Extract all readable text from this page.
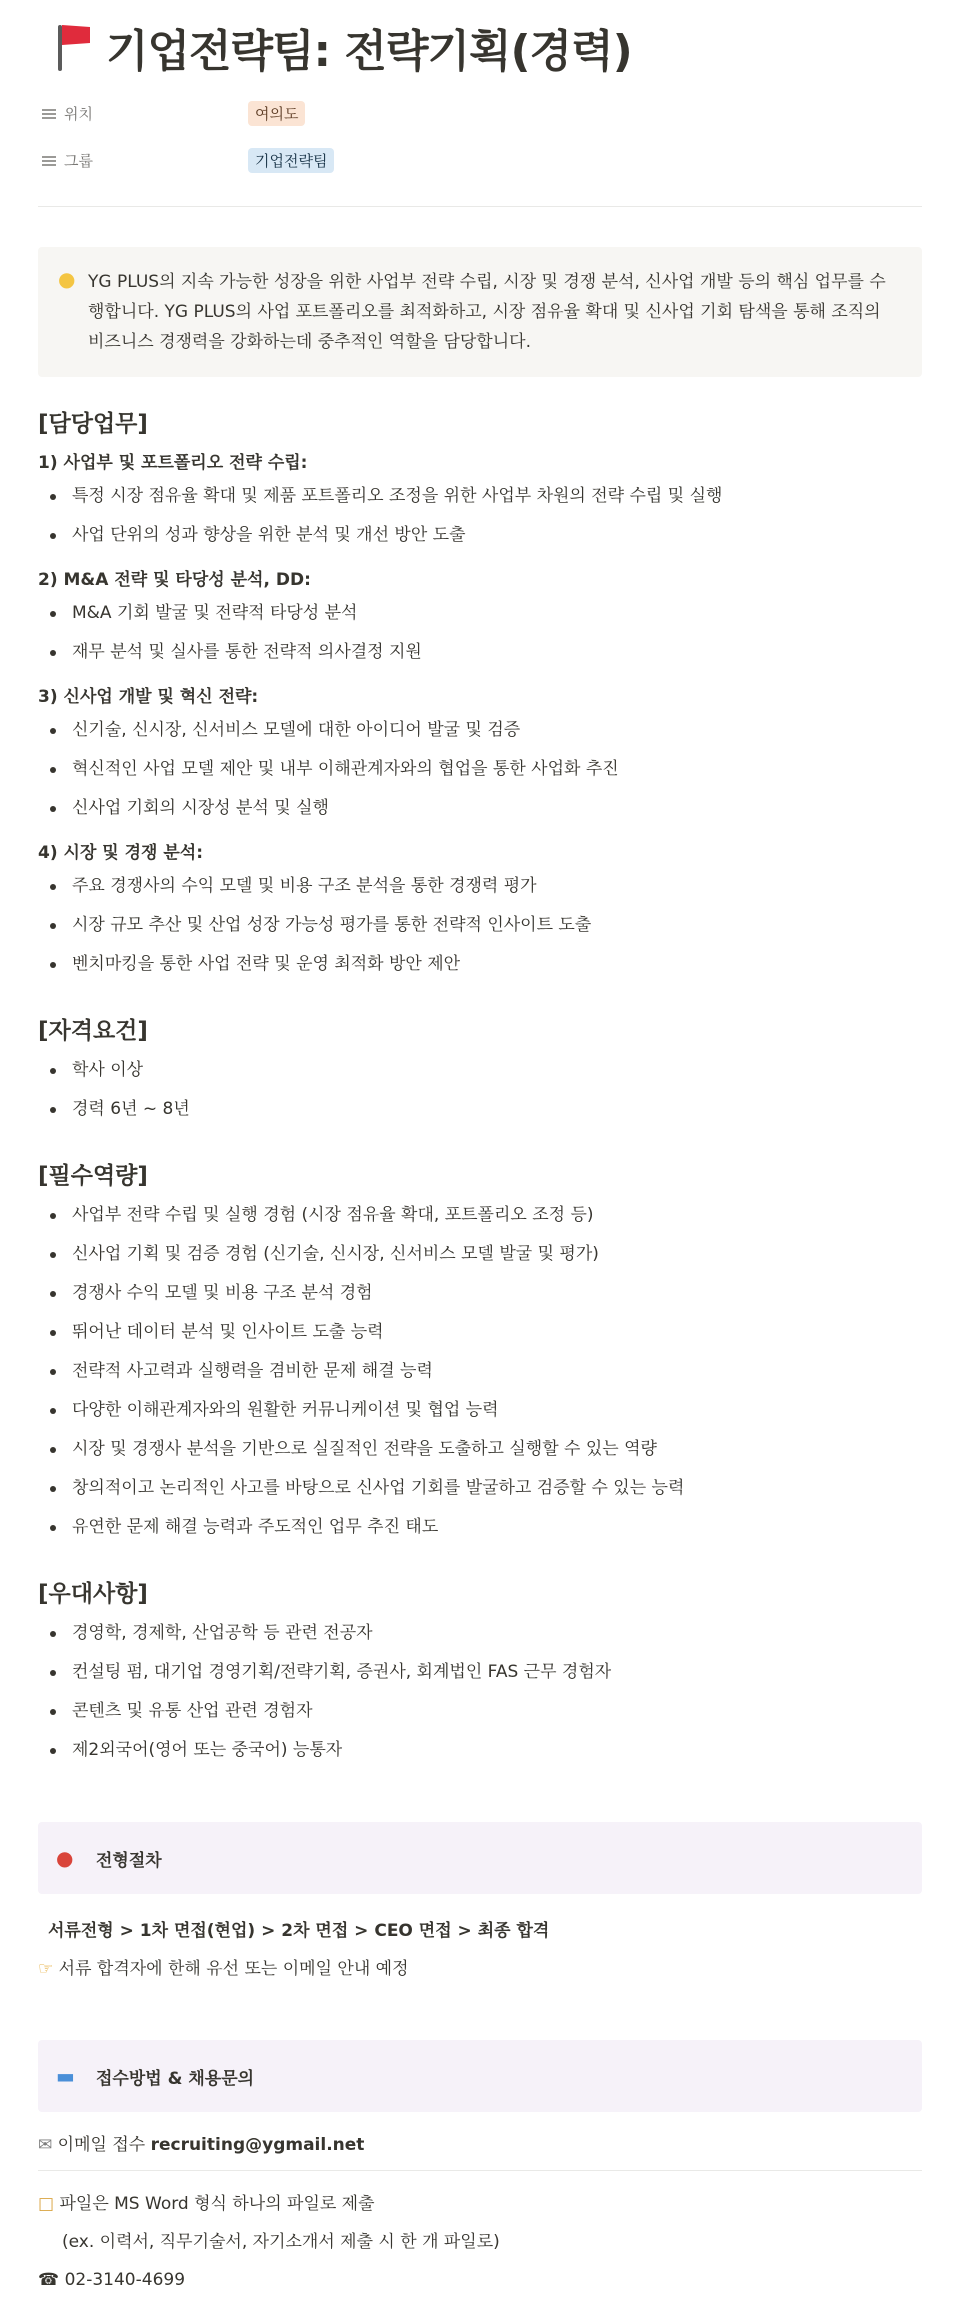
기업전략팀: 전략기획(경력)
위치	여의도
그룹	기업전략팀
● YG PLUS의 지속 가능한 성장을 위한 사업부 전략 수립, 시장 및 경쟁 분석, 신사업 개발 등의 핵심 업무를 수행합니다. YG PLUS의 사업 포트폴리오를 최적화하고, 시장 점유율 확대 및 신사업 기회 탐색을 통해 조직의 비즈니스 경쟁력을 강화하는데 중추적인 역할을 담당합니다.
[담당업무]
1) 사업부 및 포트폴리오 전략 수립:
특정 시장 점유율 확대 및 제품 포트폴리오 조정을 위한 사업부 차원의 전략 수립 및 실행
사업 단위의 성과 향상을 위한 분석 및 개선 방안 도출
2) M&A 전략 및 타당성 분석, DD:
M&A 기회 발굴 및 전략적 타당성 분석
재무 분석 및 실사를 통한 전략적 의사결정 지원
3) 신사업 개발 및 혁신 전략:
신기술, 신시장, 신서비스 모델에 대한 아이디어 발굴 및 검증
혁신적인 사업 모델 제안 및 내부 이해관계자와의 협업을 통한 사업화 추진
신사업 기회의 시장성 분석 및 실행
4) 시장 및 경쟁 분석:
주요 경쟁사의 수익 모델 및 비용 구조 분석을 통한 경쟁력 평가
시장 규모 추산 및 산업 성장 가능성 평가를 통한 전략적 인사이트 도출
벤치마킹을 통한 사업 전략 및 운영 최적화 방안 제안
[자격요건]
학사 이상
경력 6년 ~ 8년
[필수역량]
사업부 전략 수립 및 실행 경험 (시장 점유율 확대, 포트폴리오 조정 등)
신사업 기획 및 검증 경험 (신기술, 신시장, 신서비스 모델 발굴 및 평가)
경쟁사 수익 모델 및 비용 구조 분석 경험
뛰어난 데이터 분석 및 인사이트 도출 능력
전략적 사고력과 실행력을 겸비한 문제 해결 능력
다양한 이해관계자와의 원활한 커뮤니케이션 및 협업 능력
시장 및 경쟁사 분석을 기반으로 실질적인 전략을 도출하고 실행할 수 있는 역량
창의적이고 논리적인 사고를 바탕으로 신사업 기회를 발굴하고 검증할 수 있는 능력
유연한 문제 해결 능력과 주도적인 업무 추진 태도
[우대사항]
경영학, 경제학, 산업공학 등 관련 전공자
컨설팅 펌, 대기업 경영기획/전략기획, 증권사, 회계법인 FAS 근무 경험자
콘텐츠 및 유통 산업 관련 경험자
제2외국어(영어 또는 중국어) 능통자
●	전형절차
서류전형 > 1차 면접(현업) > 2차 면접 > CEO 면접 > 최종 합격
☞ 서류 합격자에 한해 유선 또는 이메일 안내 예정
▬	접수방법 & 채용문의
✉ 이메일 접수 recruiting@ygmail.net
□ 파일은 MS Word 형식 하나의 파일로 제출
(ex. 이력서, 직무기술서, 자기소개서 제출 시 한 개 파일로)
☎ 02-3140-4699
